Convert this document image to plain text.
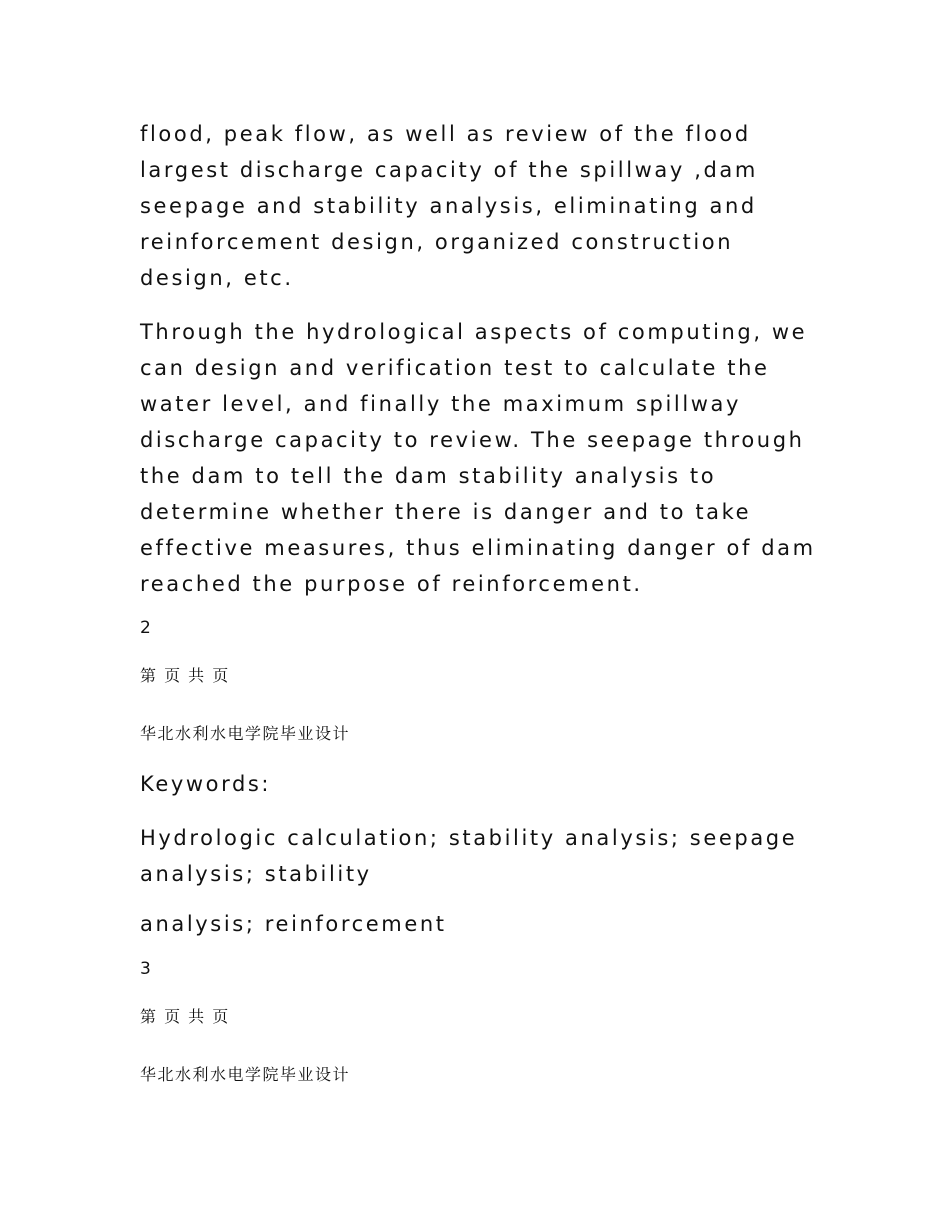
flood, peak flow, as well as review of the flood
largest discharge capacity of the spillway ,dam
seepage and stability analysis, eliminating and
reinforcement design, organized construction
design, etc.
Through the hydrological aspects of computing, we
can design and verification test to calculate the
water level, and finally the maximum spillway
discharge capacity to review. The seepage through
the dam to tell the dam stability analysis to
determine whether there is danger and to take
effective measures, thus eliminating danger of dam
reached the purpose of reinforcement.
2
第 页 共 页
华北水利水电学院毕业设计
Keywords:
Hydrologic calculation; stability analysis; seepage
analysis; stability
analysis; reinforcement
3
第 页 共 页
华北水利水电学院毕业设计
